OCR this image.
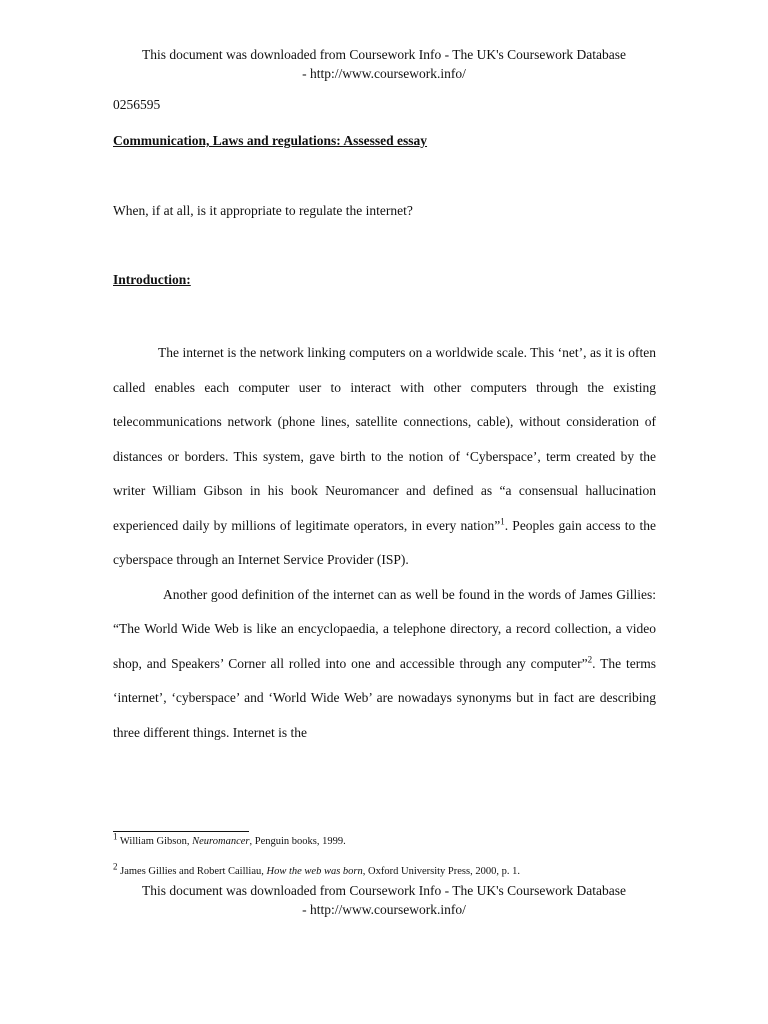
This document was downloaded from Coursework Info - The UK's Coursework Database
- http://www.coursework.info/
0256595
Communication, Laws and regulations: Assessed essay
When, if at all, is it appropriate to regulate the internet?
Introduction:

The internet is the network linking computers on a worldwide scale. This ‘net’, as it is often called enables each computer user to interact with other computers through the existing telecommunications network (phone lines, satellite connections, cable), without consideration of distances or borders. This system, gave birth to the notion of ‘Cyberspace’, term created by the writer William Gibson in his book Neuromancer and defined as “a consensual hallucination experienced daily by millions of legitimate operators, in every nation”$^1$. Peoples gain access to the cyberspace through an Internet Service Provider (ISP).

Another good definition of the internet can as well be found in the words of James Gillies: “The World Wide Web is like an encyclopaedia, a telephone directory, a record collection, a video shop, and Speakers’ Corner all rolled into one and accessible through any computer”$^2$. The terms ‘internet’, ‘cyberspace’ and ‘World Wide Web’ are nowadays synonyms but in fact are describing three different things. Internet is the

$^1$ William Gibson, Neuromancer, Penguin books, 1999.
$^2$ James Gillies and Robert Cailliau, How the web was born, Oxford University Press, 2000, p. 1.
This document was downloaded from Coursework Info - The UK's Coursework Database
- http://www.coursework.info/
